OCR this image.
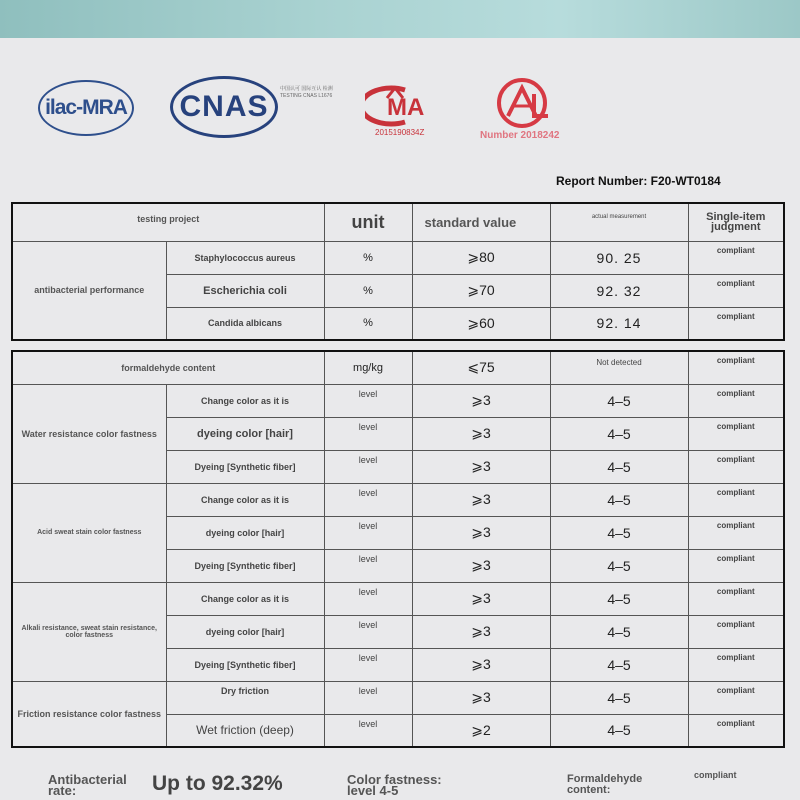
ilac-MRA	CNAS
中国认可 国际互认 检测 TESTING CNAS L1676	MA
2015190834Z	Number 2018242
Report Number: F20-WT0184
testing project		unit	standard value	actual measurement	Single-item judgment
antibacterial performance	Staphylococcus aureus	%	⩾80	90. 25	compliant
	Escherichia coli	%	⩾70	92. 32	compliant
	Candida albicans	%	⩾60	92. 14	compliant
formaldehyde content		mg/kg	⩽75	Not detected	compliant
Water resistance color fastness	Change color as it is	level	⩾3	4–5	compliant
	dyeing color [hair]	level	⩾3	4–5	compliant
	Dyeing [Synthetic fiber]	level	⩾3	4–5	compliant
Acid sweat stain color fastness	Change color as it is	level	⩾3	4–5	compliant
	dyeing color [hair]	level	⩾3	4–5	compliant
	Dyeing [Synthetic fiber]	level	⩾3	4–5	compliant
Alkali resistance, sweat stain resistance, color fastness	Change color as it is	level	⩾3	4–5	compliant
	dyeing color [hair]	level	⩾3	4–5	compliant
	Dyeing [Synthetic fiber]	level	⩾3	4–5	compliant
Friction resistance color fastness	Dry friction	level	⩾3	4–5	compliant
	Wet friction (deep)	level	⩾2	4–5	compliant
Antibacterial rate:	Up to 92.32%	Color fastness: level 4-5
Formaldehyde content:
compliant
